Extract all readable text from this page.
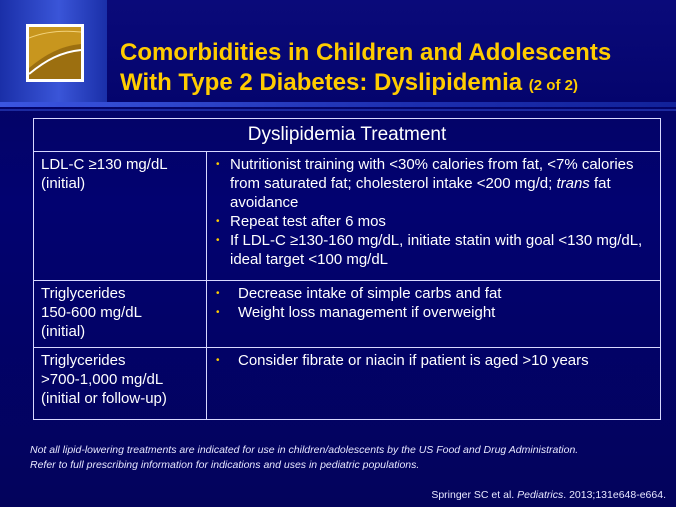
Comorbidities in Children and Adolescents
With Type 2 Diabetes: Dyslipidemia (2 of 2)
Dyslipidemia Treatment
LDL-C ≥130 mg/dL
(initial)
• Nutritionist training with <30% calories from fat, <7% calories from saturated fat; cholesterol intake <200 mg/d; trans fat avoidance
• Repeat test after 6 mos
• If LDL-C ≥130-160 mg/dL, initiate statin with goal <130 mg/dL, ideal target <100 mg/dL
Triglycerides
150-600 mg/dL
(initial)
•	Decrease intake of simple carbs and fat
•	Weight loss management if overweight
Triglycerides
>700-1,000 mg/dL
(initial or follow-up)
•	Consider fibrate or niacin if patient is aged >10 years
Not all lipid-lowering treatments are indicated for use in children/adolescents by the US Food and Drug Administration.
Refer to full prescribing information for indications and uses in pediatric populations.
Springer SC et al. Pediatrics. 2013;131e648-e664.
